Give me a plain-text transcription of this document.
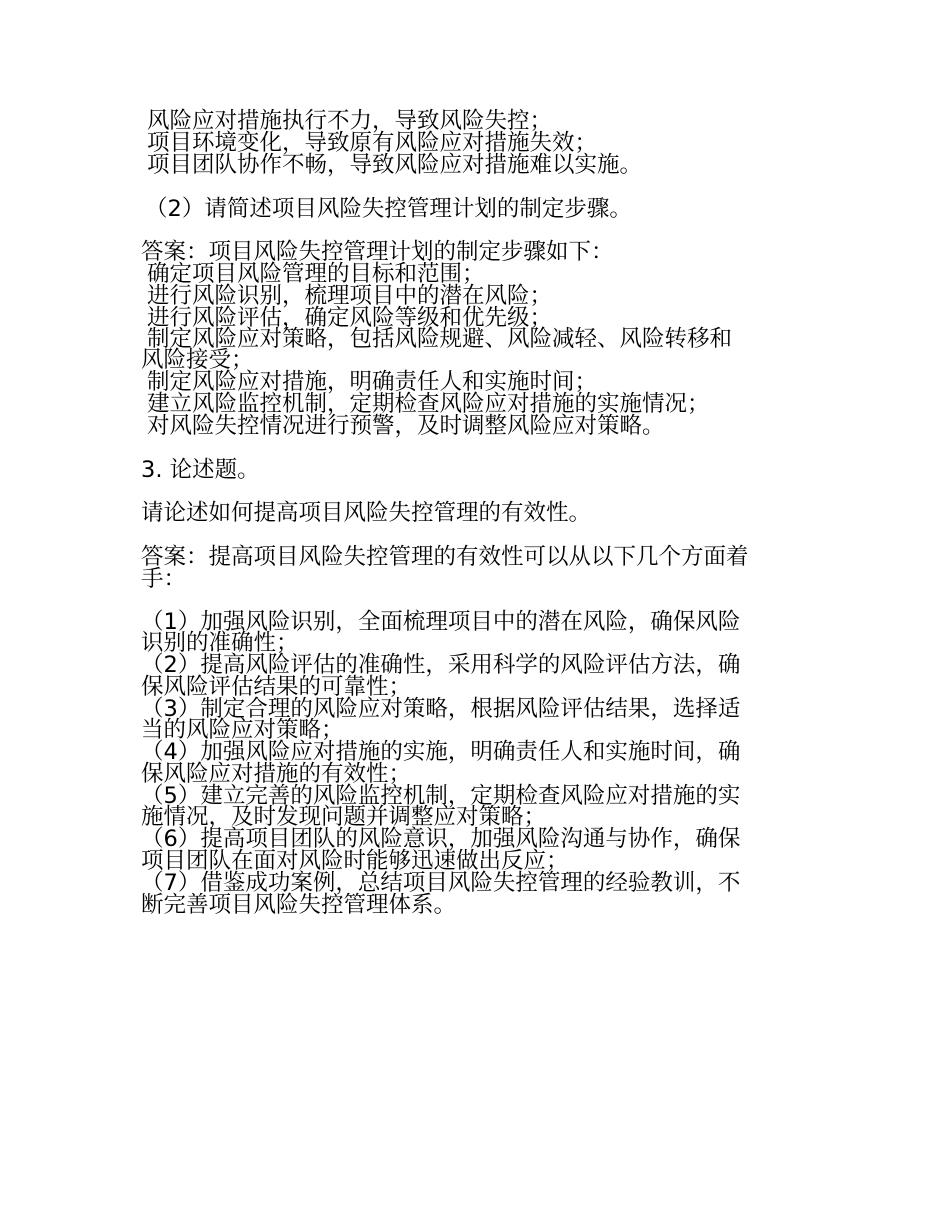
风险应对措施执行不力，导致风险失控；

项目环境变化，导致原有风险应对措施失效；

项目团队协作不畅，导致风险应对措施难以实施。

（2）请简述项目风险失控管理计划的制定步骤。

答案：项目风险失控管理计划的制定步骤如下：

确定项目风险管理的目标和范围；

进行风险识别，梳理项目中的潜在风险；

进行风险评估，确定风险等级和优先级；

制定风险应对策略，包括风险规避、风险减轻、风险转移和

风险接受；

制定风险应对措施，明确责任人和实施时间；

建立风险监控机制，定期检查风险应对措施的实施情况；

对风险失控情况进行预警，及时调整风险应对策略。

3. 论述题。

请论述如何提高项目风险失控管理的有效性。

答案：提高项目风险失控管理的有效性可以从以下几个方面着

手：

（1）加强风险识别，全面梳理项目中的潜在风险，确保风险

识别的准确性；

（2）提高风险评估的准确性，采用科学的风险评估方法，确

保风险评估结果的可靠性；

（3）制定合理的风险应对策略，根据风险评估结果，选择适

当的风险应对策略；

（4）加强风险应对措施的实施，明确责任人和实施时间，确

保风险应对措施的有效性；

（5）建立完善的风险监控机制，定期检查风险应对措施的实

施情况，及时发现问题并调整应对策略；

（6）提高项目团队的风险意识，加强风险沟通与协作，确保

项目团队在面对风险时能够迅速做出反应；

（7）借鉴成功案例，总结项目风险失控管理的经验教训，不

断完善项目风险失控管理体系。
